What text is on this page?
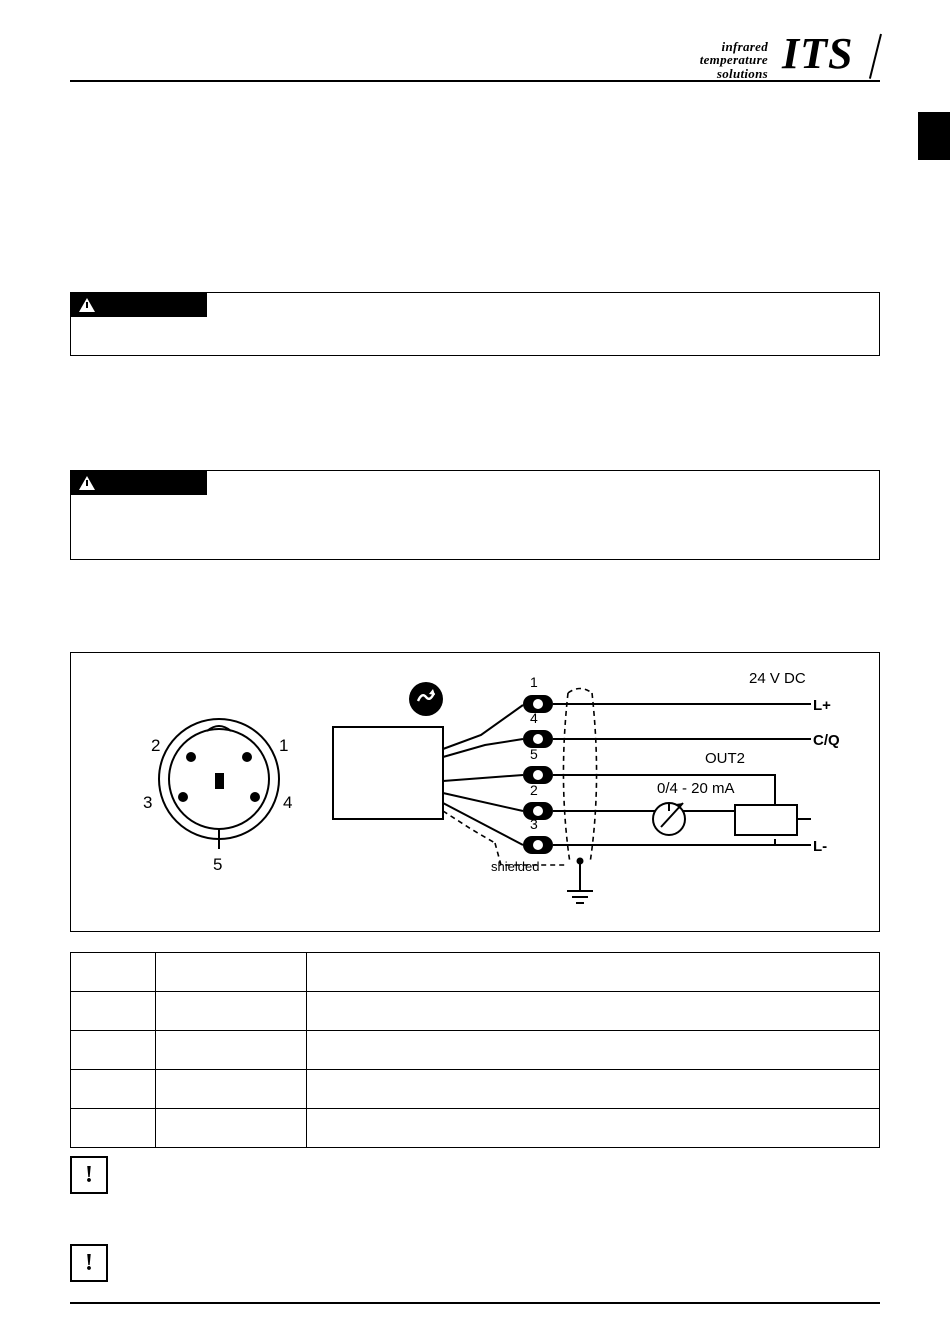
infrared
temperature
solutions ITS
1
4
5
2
3
1
2
3	4
5
24 V DC
L+
C/Q
OUT2
0/4 - 20 mA
L-
shielded

!
!
